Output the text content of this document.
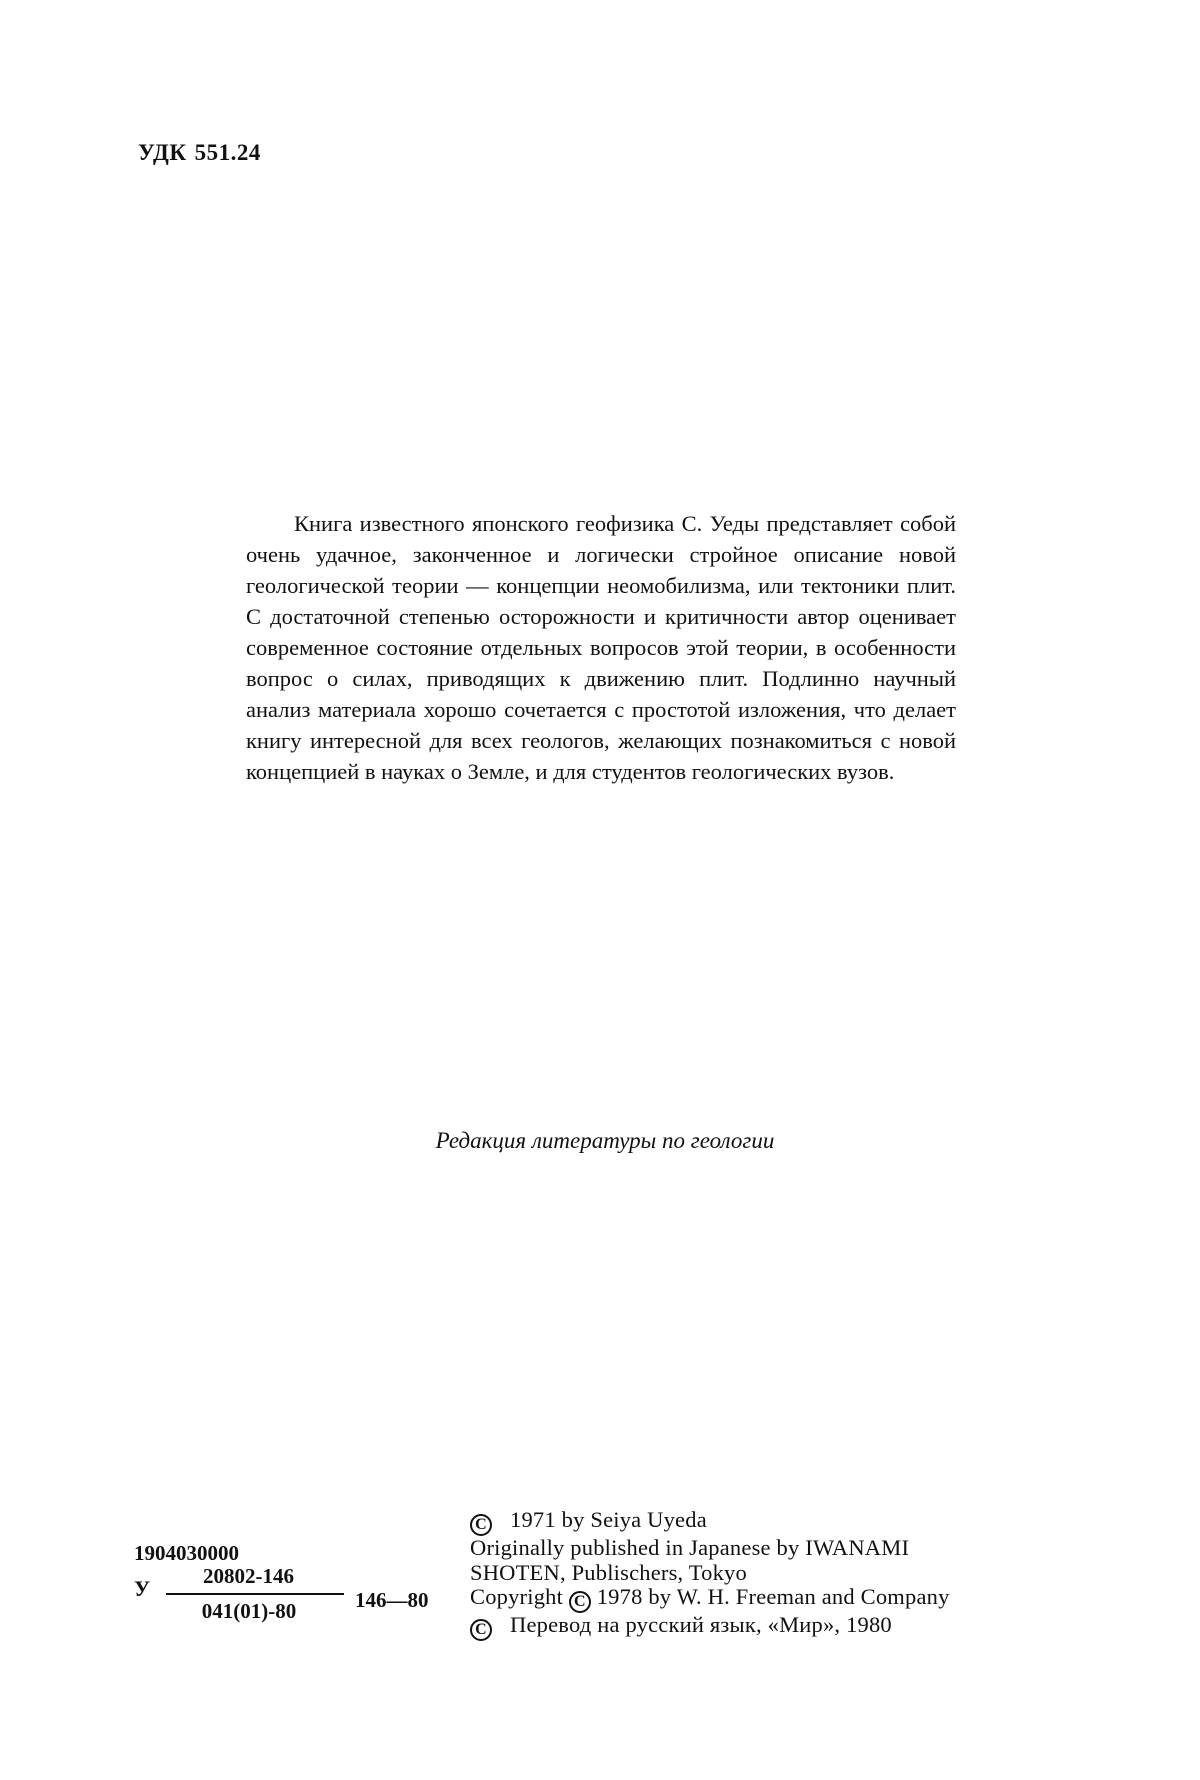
УДК 551.24
Книга известного японского геофизика С. Уеды представляет собой очень удачное, законченное и логически стройное описание новой геологической теории — концепции неомобилизма, или тектоники плит. С достаточной степенью осторожности и критичности автор оценивает современное состояние отдельных вопросов этой теории, в особенности вопрос о силах, приводящих к движению плит. Подлинно научный анализ материала хорошо сочетается с простотой изложения, что делает книгу интересной для всех геологов, желающих познакомиться с новой концепцией в науках о Земле, и для студентов геологических вузов.
Редакция литературы по геологии
1904030000
У	20802-146
041(01)-80	146—80
C 1971 by Seiya Uyeda
Originally published in Japanese by IWANAMI
SHOTEN, Publischers, Tokyo
Copyright C 1978 by W. H. Freeman and Company
C Перевод на русский язык, «Мир», 1980
